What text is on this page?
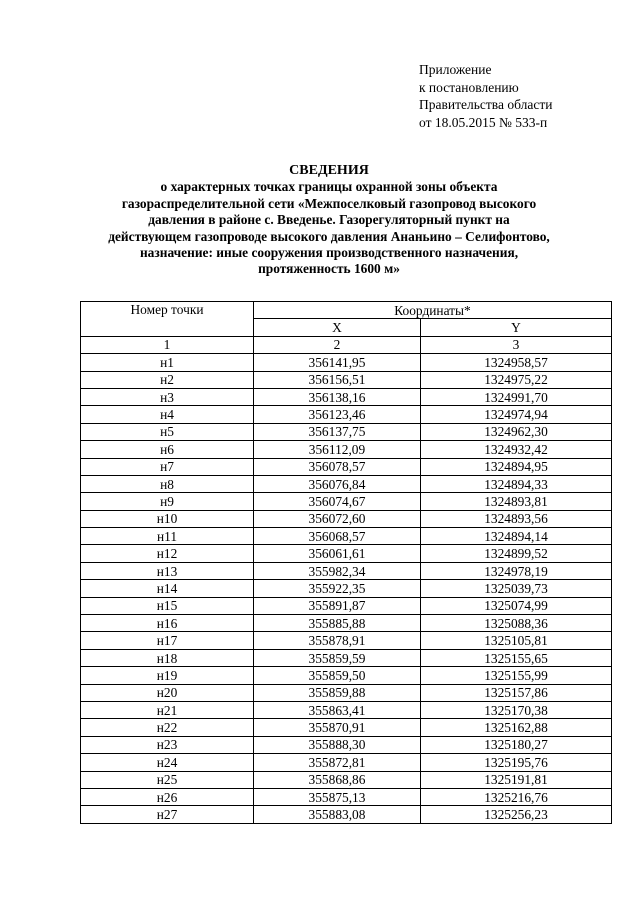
Приложение
к постановлению
Правительства области
от 18.05.2015 № 533-п
СВЕДЕНИЯ
о характерных точках границы охранной зоны объекта
газораспределительной сети «Межпоселковый газопровод высокого
давления в районе с. Введенье. Газорегуляторный пункт на
действующем газопроводе высокого давления Ананьино – Селифонтово,
назначение: иные сооружения производственного назначения,
протяженность 1600 м»
Номер точки	Координаты*	
	X	Y
1	2	3
н1	356141,95	1324958,57
н2	356156,51	1324975,22
н3	356138,16	1324991,70
н4	356123,46	1324974,94
н5	356137,75	1324962,30
н6	356112,09	1324932,42
н7	356078,57	1324894,95
н8	356076,84	1324894,33
н9	356074,67	1324893,81
н10	356072,60	1324893,56
н11	356068,57	1324894,14
н12	356061,61	1324899,52
н13	355982,34	1324978,19
н14	355922,35	1325039,73
н15	355891,87	1325074,99
н16	355885,88	1325088,36
н17	355878,91	1325105,81
н18	355859,59	1325155,65
н19	355859,50	1325155,99
н20	355859,88	1325157,86
н21	355863,41	1325170,38
н22	355870,91	1325162,88
н23	355888,30	1325180,27
н24	355872,81	1325195,76
н25	355868,86	1325191,81
н26	355875,13	1325216,76
н27	355883,08	1325256,23
